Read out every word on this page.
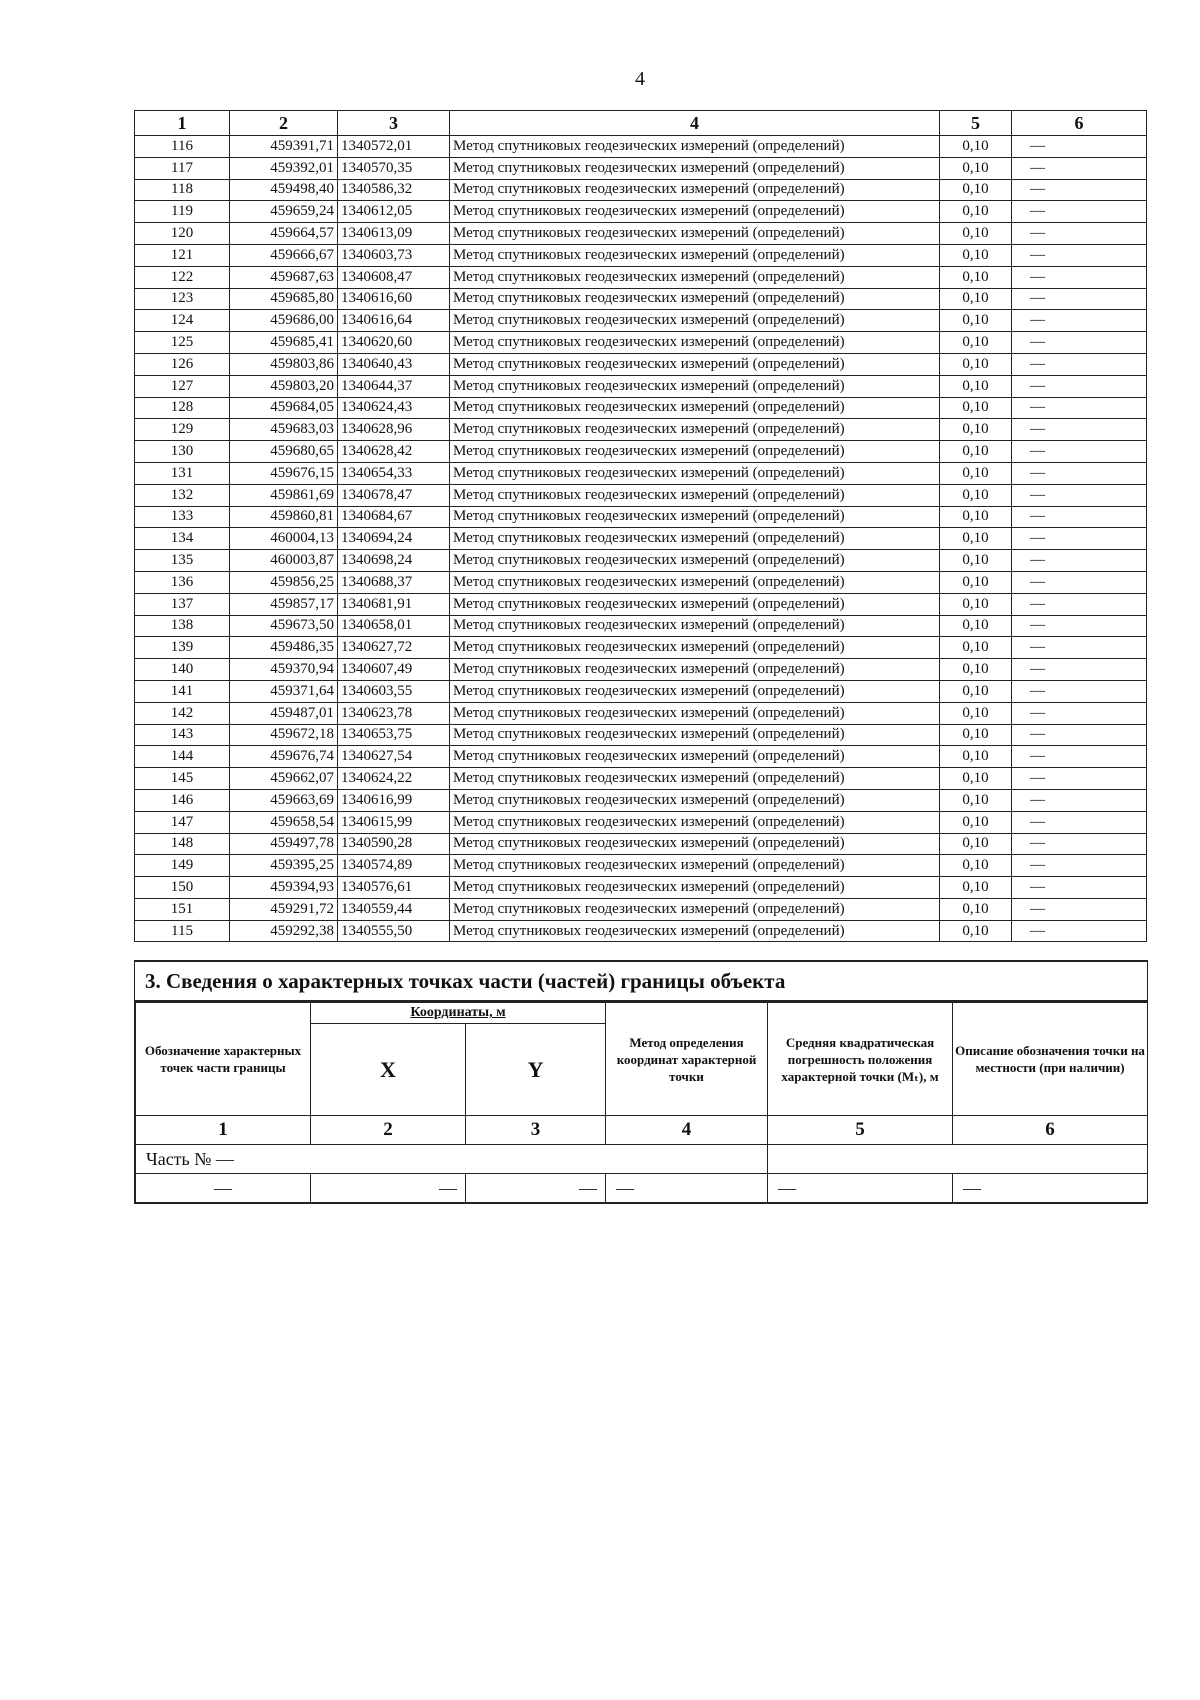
4
1	2	3	4	5	6
116	459391,71	1340572,01	Метод спутниковых геодезических измерений (определений)	0,10	—
117	459392,01	1340570,35	Метод спутниковых геодезических измерений (определений)	0,10	—
118	459498,40	1340586,32	Метод спутниковых геодезических измерений (определений)	0,10	—
119	459659,24	1340612,05	Метод спутниковых геодезических измерений (определений)	0,10	—
120	459664,57	1340613,09	Метод спутниковых геодезических измерений (определений)	0,10	—
121	459666,67	1340603,73	Метод спутниковых геодезических измерений (определений)	0,10	—
122	459687,63	1340608,47	Метод спутниковых геодезических измерений (определений)	0,10	—
123	459685,80	1340616,60	Метод спутниковых геодезических измерений (определений)	0,10	—
124	459686,00	1340616,64	Метод спутниковых геодезических измерений (определений)	0,10	—
125	459685,41	1340620,60	Метод спутниковых геодезических измерений (определений)	0,10	—
126	459803,86	1340640,43	Метод спутниковых геодезических измерений (определений)	0,10	—
127	459803,20	1340644,37	Метод спутниковых геодезических измерений (определений)	0,10	—
128	459684,05	1340624,43	Метод спутниковых геодезических измерений (определений)	0,10	—
129	459683,03	1340628,96	Метод спутниковых геодезических измерений (определений)	0,10	—
130	459680,65	1340628,42	Метод спутниковых геодезических измерений (определений)	0,10	—
131	459676,15	1340654,33	Метод спутниковых геодезических измерений (определений)	0,10	—
132	459861,69	1340678,47	Метод спутниковых геодезических измерений (определений)	0,10	—
133	459860,81	1340684,67	Метод спутниковых геодезических измерений (определений)	0,10	—
134	460004,13	1340694,24	Метод спутниковых геодезических измерений (определений)	0,10	—
135	460003,87	1340698,24	Метод спутниковых геодезических измерений (определений)	0,10	—
136	459856,25	1340688,37	Метод спутниковых геодезических измерений (определений)	0,10	—
137	459857,17	1340681,91	Метод спутниковых геодезических измерений (определений)	0,10	—
138	459673,50	1340658,01	Метод спутниковых геодезических измерений (определений)	0,10	—
139	459486,35	1340627,72	Метод спутниковых геодезических измерений (определений)	0,10	—
140	459370,94	1340607,49	Метод спутниковых геодезических измерений (определений)	0,10	—
141	459371,64	1340603,55	Метод спутниковых геодезических измерений (определений)	0,10	—
142	459487,01	1340623,78	Метод спутниковых геодезических измерений (определений)	0,10	—
143	459672,18	1340653,75	Метод спутниковых геодезических измерений (определений)	0,10	—
144	459676,74	1340627,54	Метод спутниковых геодезических измерений (определений)	0,10	—
145	459662,07	1340624,22	Метод спутниковых геодезических измерений (определений)	0,10	—
146	459663,69	1340616,99	Метод спутниковых геодезических измерений (определений)	0,10	—
147	459658,54	1340615,99	Метод спутниковых геодезических измерений (определений)	0,10	—
148	459497,78	1340590,28	Метод спутниковых геодезических измерений (определений)	0,10	—
149	459395,25	1340574,89	Метод спутниковых геодезических измерений (определений)	0,10	—
150	459394,93	1340576,61	Метод спутниковых геодезических измерений (определений)	0,10	—
151	459291,72	1340559,44	Метод спутниковых геодезических измерений (определений)	0,10	—
115	459292,38	1340555,50	Метод спутниковых геодезических измерений (определений)	0,10	—
3. Сведения о характерных точках части (частей) границы объекта
Обозначение характерных точек части границы	Координаты, м		Метод определения координат характерной точки	Средняя квадратическая погрешность положения характерной точки (Mₜ), м	Описание обозначения точки на местности (при наличии)
	X	Y			
1	2	3	4	5	6
Часть № —					
—	—	—	—	—	—
